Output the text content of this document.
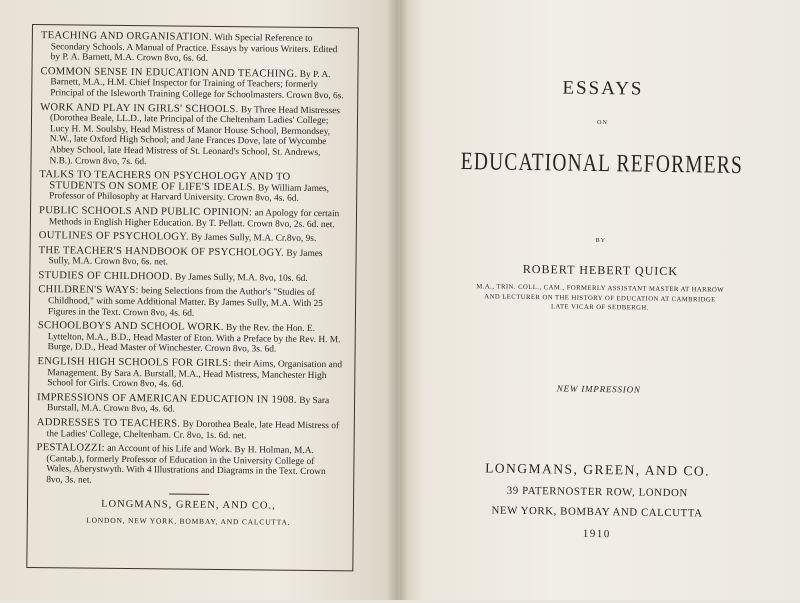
TEACHING AND ORGANISATION. With Special Reference to Secondary Schools. A Manual of Practice. Essays by various Writers. Edited by P. A. Barnett, M.A. Crown 8vo, 6s. 6d.

COMMON SENSE IN EDUCATION AND TEACHING. By P. A. Barnett, M.A., H.M. Chief Inspector for Training of Teachers; formerly Principal of the Isleworth Training College for Schoolmasters. Crown 8vo, 6s.

WORK AND PLAY IN GIRLS' SCHOOLS. By Three Head Mistresses (Dorothea Beale, LL.D., late Principal of the Cheltenham Ladies' College; Lucy H. M. Soulsby, Head Mistress of Manor House School, Bermondsey, N.W., late Oxford High School; and Jane Frances Dove, late of Wycombe Abbey School, late Head Mistress of St. Leonard's School, St. Andrews, N.B.). Crown 8vo, 7s. 6d.

TALKS TO TEACHERS ON PSYCHOLOGY AND TO STUDENTS ON SOME OF LIFE'S IDEALS. By William James, Professor of Philosophy at Harvard University. Crown 8vo, 4s. 6d.

PUBLIC SCHOOLS AND PUBLIC OPINION: an Apology for certain Methods in English Higher Education. By T. Pellatt. Crown 8vo, 2s. 6d. net.

OUTLINES OF PSYCHOLOGY. By James Sully, M.A. Cr.8vo, 9s.

THE TEACHER'S HANDBOOK OF PSYCHOLOGY. By James Sully, M.A. Crown 8vo, 6s. net.

STUDIES OF CHILDHOOD. By James Sully, M.A. 8vo, 10s. 6d.

CHILDREN'S WAYS: being Selections from the Author's "Studies of Childhood," with some Additional Matter. By James Sully, M.A. With 25 Figures in the Text. Crown 8vo, 4s. 6d.

SCHOOLBOYS AND SCHOOL WORK. By the Rev. the Hon. E. Lyttelton, M.A., B.D., Head Master of Eton. With a Preface by the Rev. H. M. Burge, D.D., Head Master of Winchester. Crown 8vo, 3s. 6d.

ENGLISH HIGH SCHOOLS FOR GIRLS: their Aims, Organisation and Management. By Sara A. Burstall, M.A., Head Mistress, Manchester High School for Girls. Crown 8vo, 4s. 6d.

IMPRESSIONS OF AMERICAN EDUCATION IN 1908. By Sara Burstall, M.A. Crown 8vo, 4s. 6d.

ADDRESSES TO TEACHERS. By Dorothea Beale, late Head Mistress of the Ladies' College, Cheltenham. Cr. 8vo, 1s. 6d. net.

PESTALOZZI: an Account of his Life and Work. By H. Holman, M.A. (Cantab.), formerly Professor of Education in the University College of Wales, Aberystwyth. With 4 Illustrations and Diagrams in the Text. Crown 8vo, 3s. net.

LONGMANS, GREEN, AND CO.,
LONDON, NEW YORK, BOMBAY, AND CALCUTTA.
ESSAYS
ON
EDUCATIONAL REFORMERS
BY
ROBERT HEBERT QUICK
M.A., TRIN. COLL., CAM., FORMERLY ASSISTANT MASTER AT HARROW
AND LECTURER ON THE HISTORY OF EDUCATION AT CAMBRIDGE
LATE VICAR OF SEDBERGH.
NEW IMPRESSION
LONGMANS, GREEN, AND CO.
39 PATERNOSTER ROW, LONDON
NEW YORK, BOMBAY AND CALCUTTA
1910
